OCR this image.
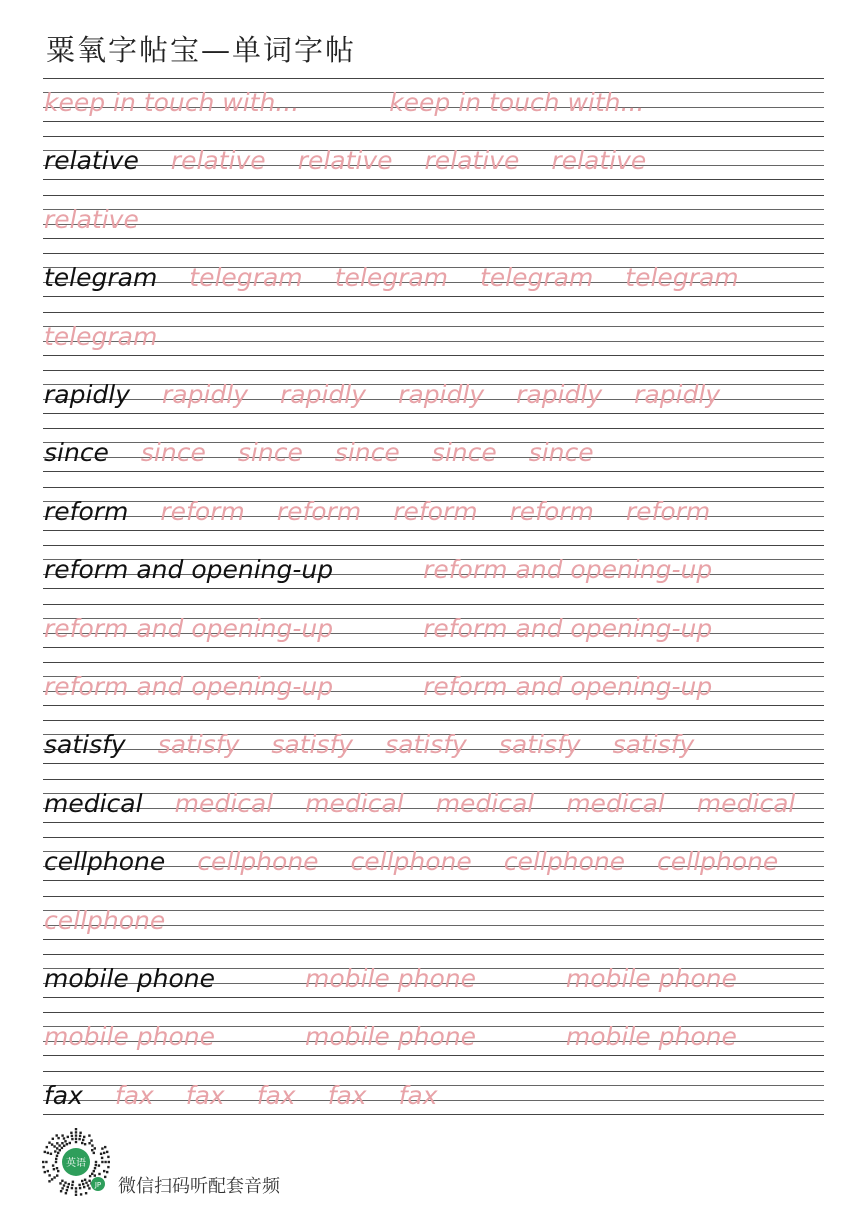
粟氧字帖宝—单词字帖
keep in touch with...	keep in touch with...
relative relative relative relative relative
relative
telegram telegram telegram telegram telegram
telegram
rapidly rapidly rapidly rapidly rapidly rapidly
since since since since since since
reform reform reform reform reform reform
reform and opening-up	reform and opening-up
reform and opening-up	reform and opening-up
reform and opening-up	reform and opening-up
satisfy satisfy satisfy satisfy satisfy satisfy
medical medical medical medical medical medical
cellphone cellphone cellphone cellphone cellphone
cellphone
mobile phone	mobile phone	mobile phone
mobile phone	mobile phone	mobile phone
fax fax fax fax fax fax
英语
JP 微信扫码听配套音频
